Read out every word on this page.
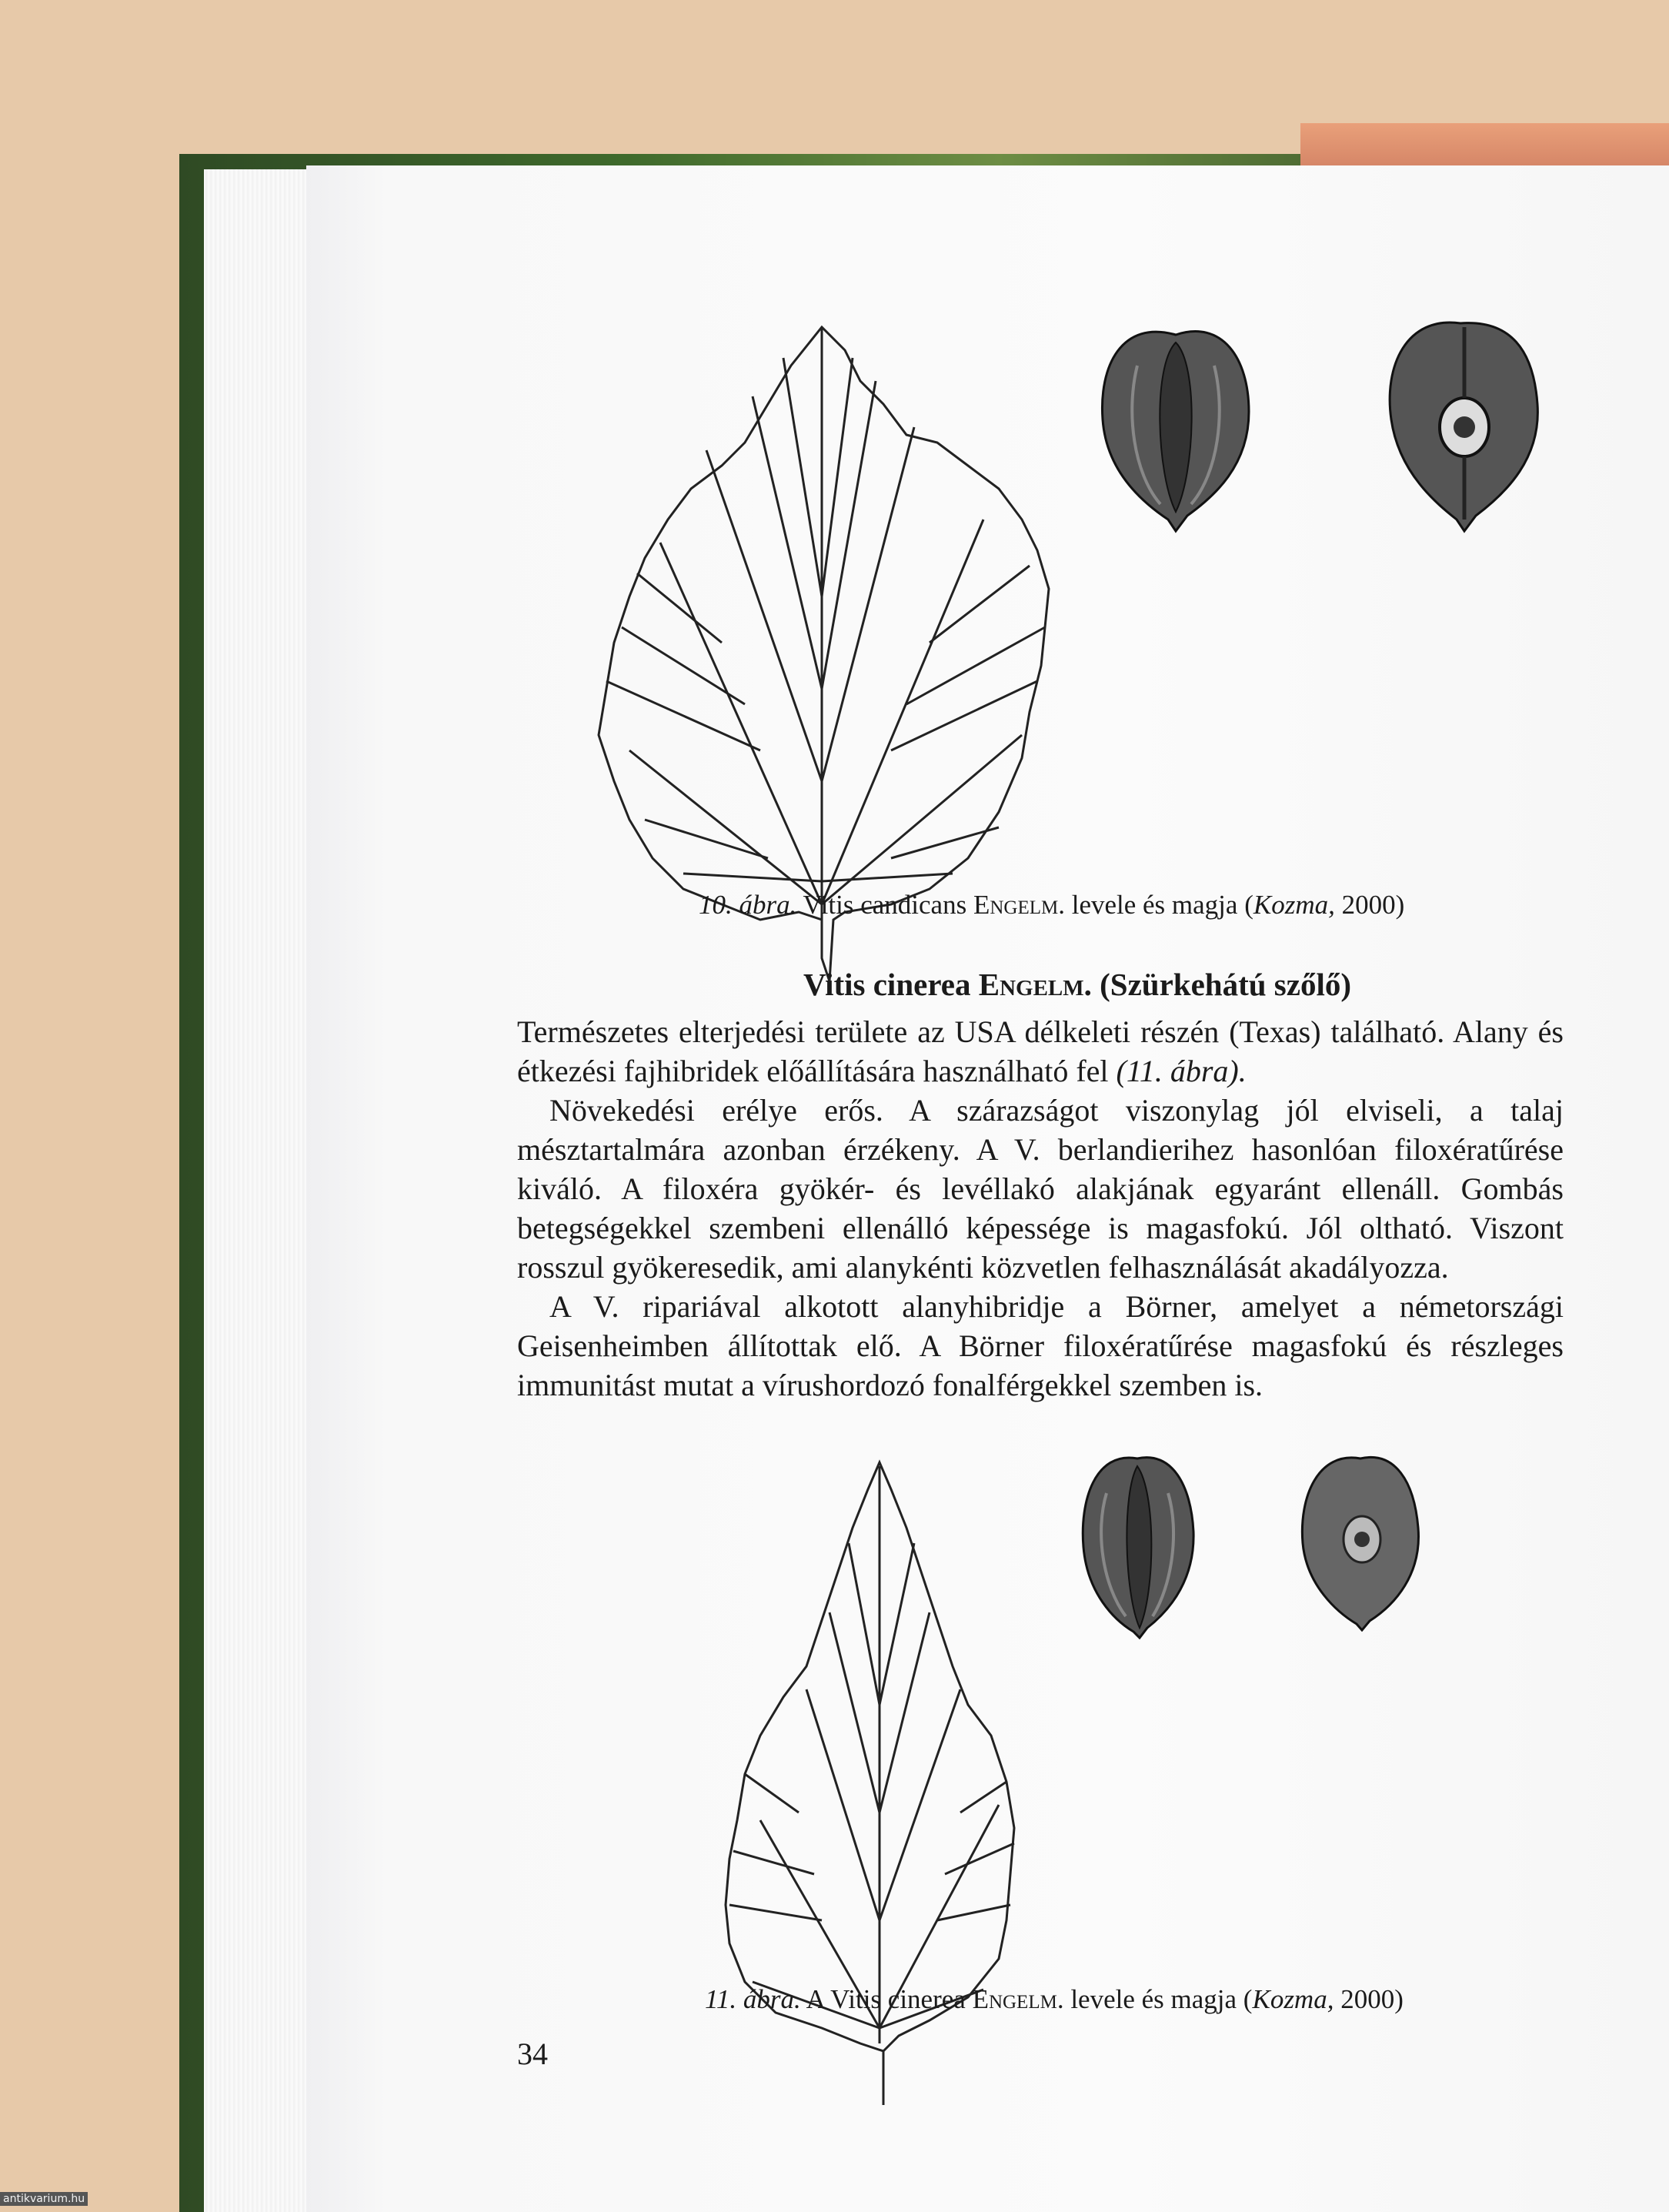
10. ábra. Vitis candicans Engelm. levele és magja (Kozma, 2000)
Vitis cinerea Engelm. (Szürkehátú szőlő)

Természetes elterjedési területe az USA délkeleti részén (Texas) található. Alany és étkezési fajhibridek előállítására használható fel (11. ábra).

Növekedési erélye erős. A szárazságot viszonylag jól elviseli, a talaj mésztartalmára azonban érzékeny. A V. berlandierihez hasonlóan filoxératűrése kiváló. A filoxéra gyökér- és levéllakó alakjának egyaránt ellenáll. Gombás betegségekkel szembeni ellenálló képessége is magasfokú. Jól oltható. Viszont rosszul gyökeresedik, ami alanykénti közvetlen felhasználását akadályozza.

A V. ripariával alkotott alanyhibridje a Börner, amelyet a németországi Geisenheimben állítottak elő. A Börner filoxératűrése magasfokú és részleges immunitást mutat a vírushordozó fonalférgekkel szemben is.

11. ábra. A Vitis cinerea Engelm. levele és magja (Kozma, 2000)
34
antikvarium.hu
